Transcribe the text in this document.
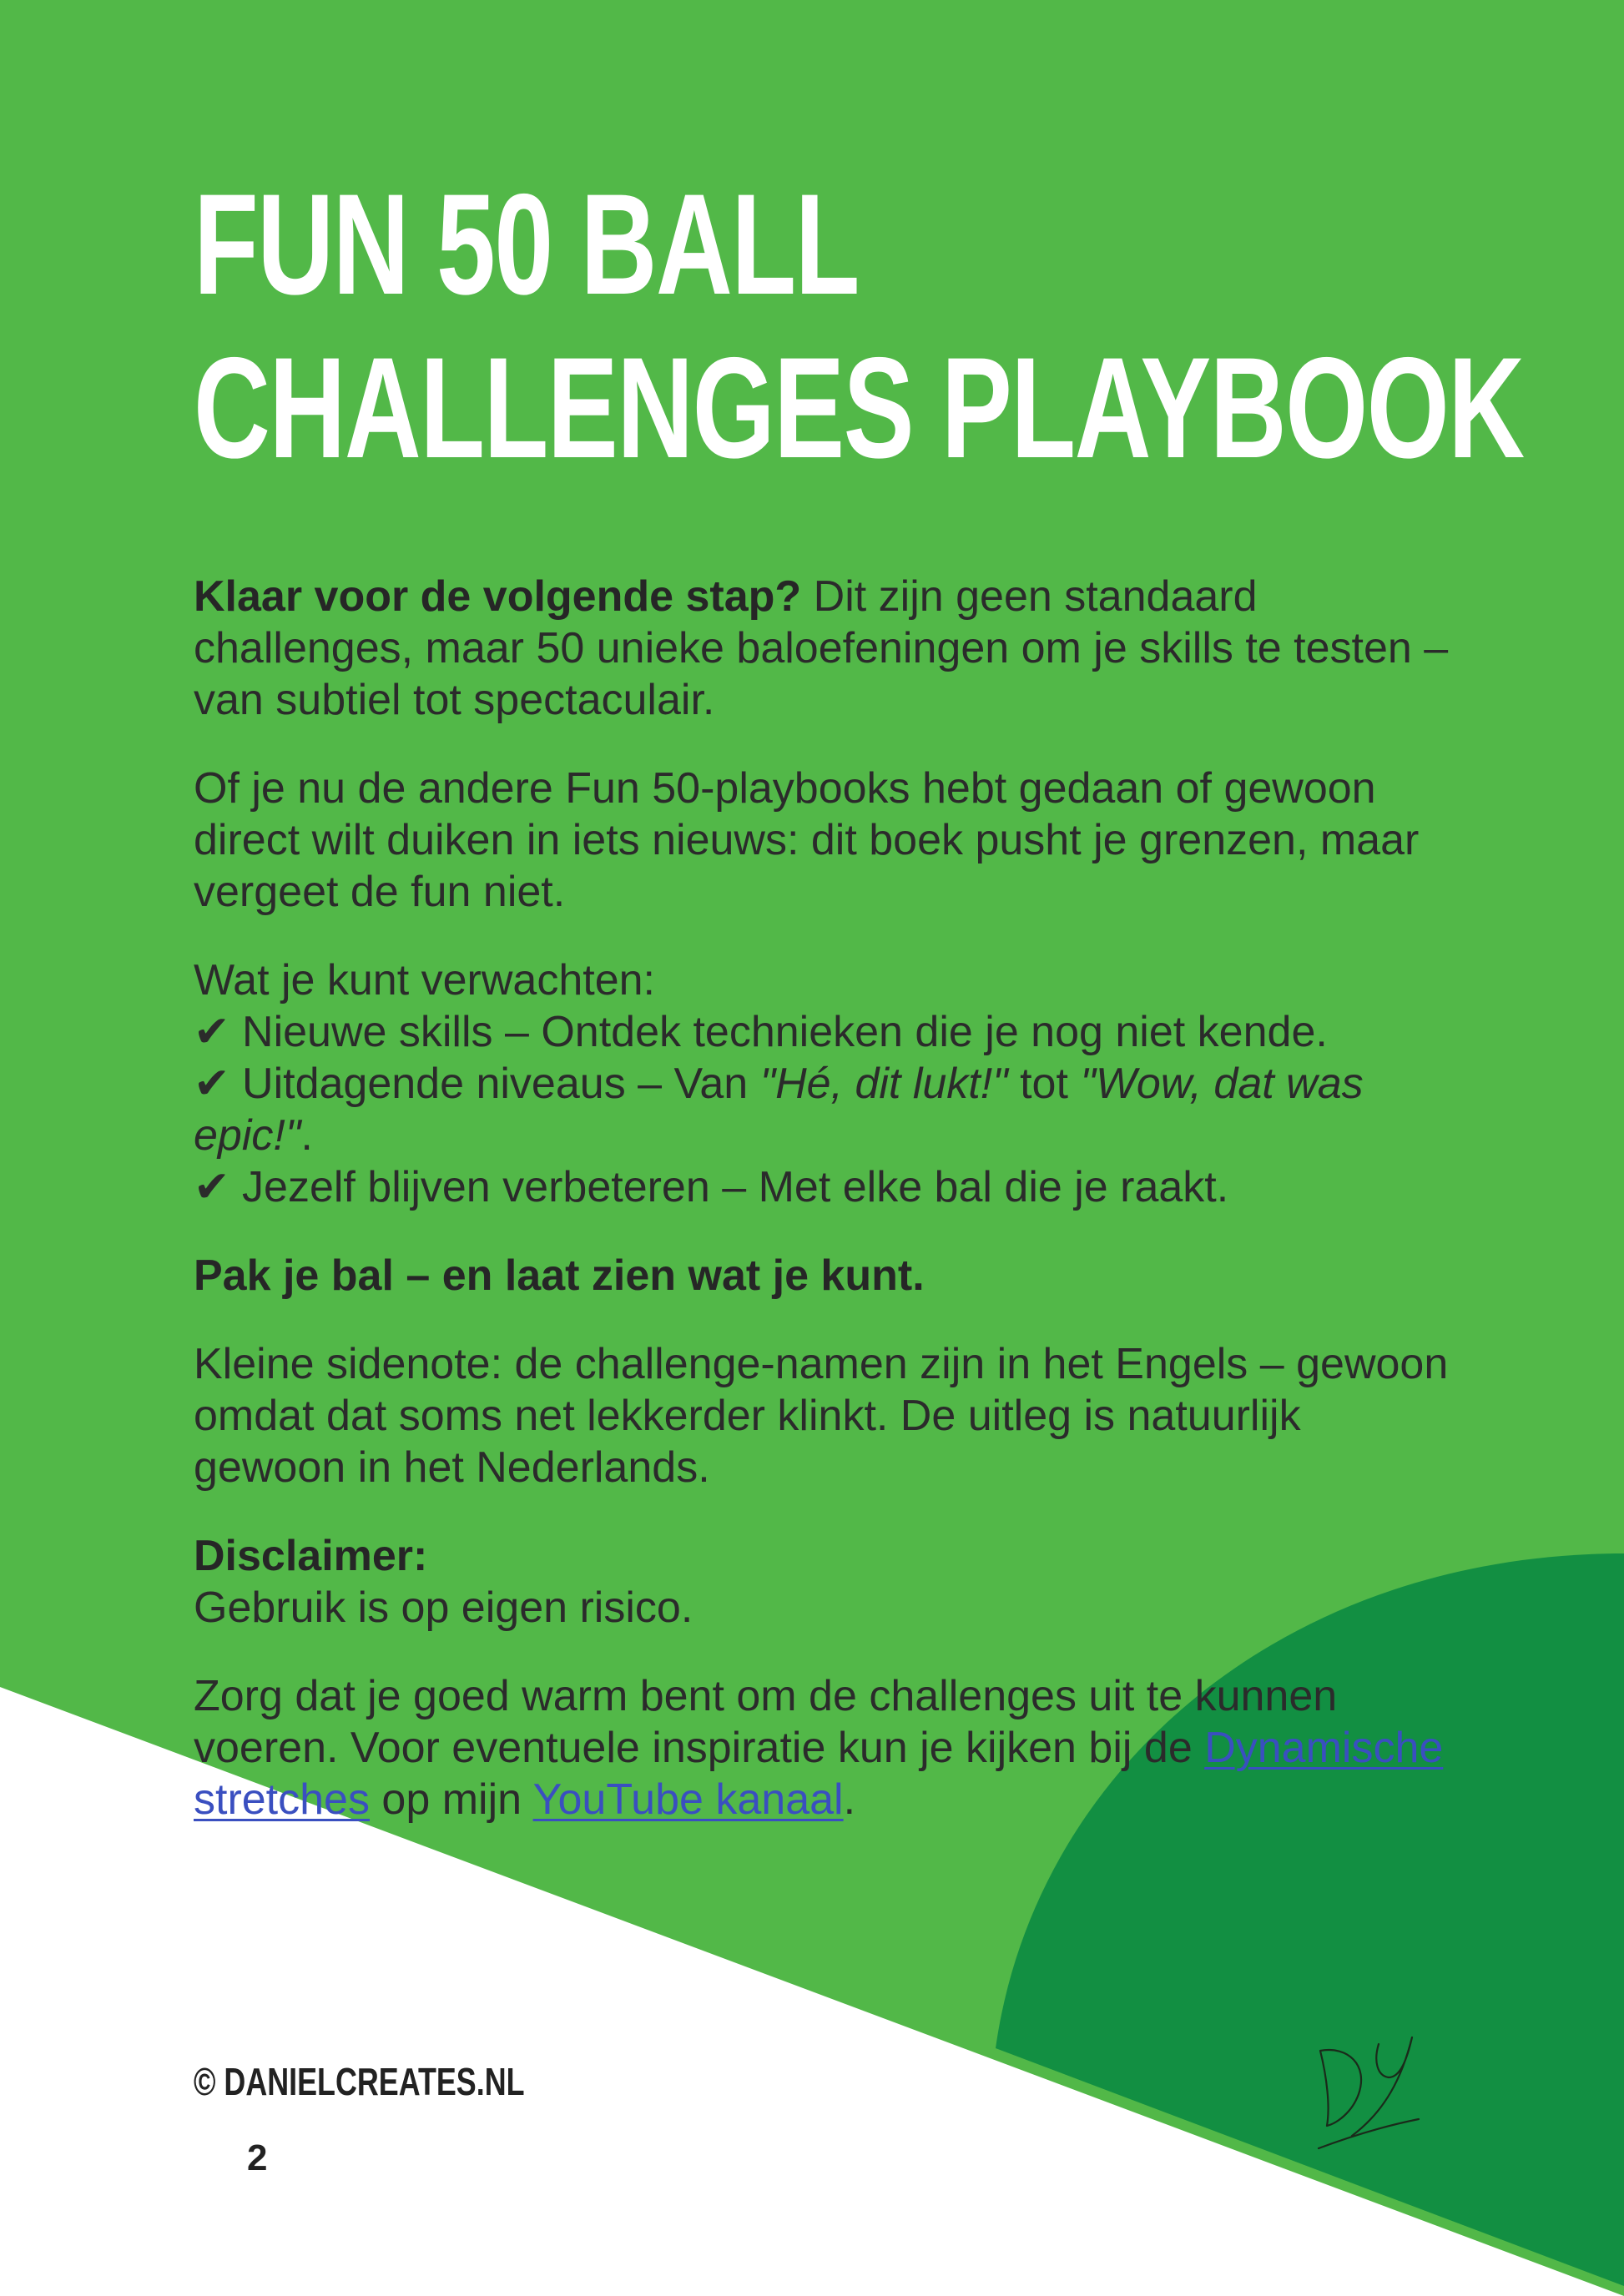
FUN 50 BALL
CHALLENGES PLAYBOOK

Klaar voor de volgende stap? Dit zijn geen standaard challenges, maar 50 unieke baloefeningen om je skills te testen – van subtiel tot spectaculair.

Of je nu de andere Fun 50-playbooks hebt gedaan of gewoon direct wilt duiken in iets nieuws: dit boek pusht je grenzen, maar vergeet de fun niet.

Wat je kunt verwachten:
✔ Nieuwe skills – Ontdek technieken die je nog niet kende.
✔ Uitdagende niveaus – Van "Hé, dit lukt!" tot "Wow, dat was epic!".
✔ Jezelf blijven verbeteren – Met elke bal die je raakt.

Pak je bal – en laat zien wat je kunt.

Kleine sidenote: de challenge-namen zijn in het Engels – gewoon omdat dat soms net lekkerder klinkt. De uitleg is natuurlijk gewoon in het Nederlands.

Disclaimer:
Gebruik is op eigen risico.

Zorg dat je goed warm bent om de challenges uit te kunnen voeren. Voor eventuele inspiratie kun je kijken bij de Dynamische stretches op mijn YouTube kanaal.

© DANIELCREATES.NL
2
